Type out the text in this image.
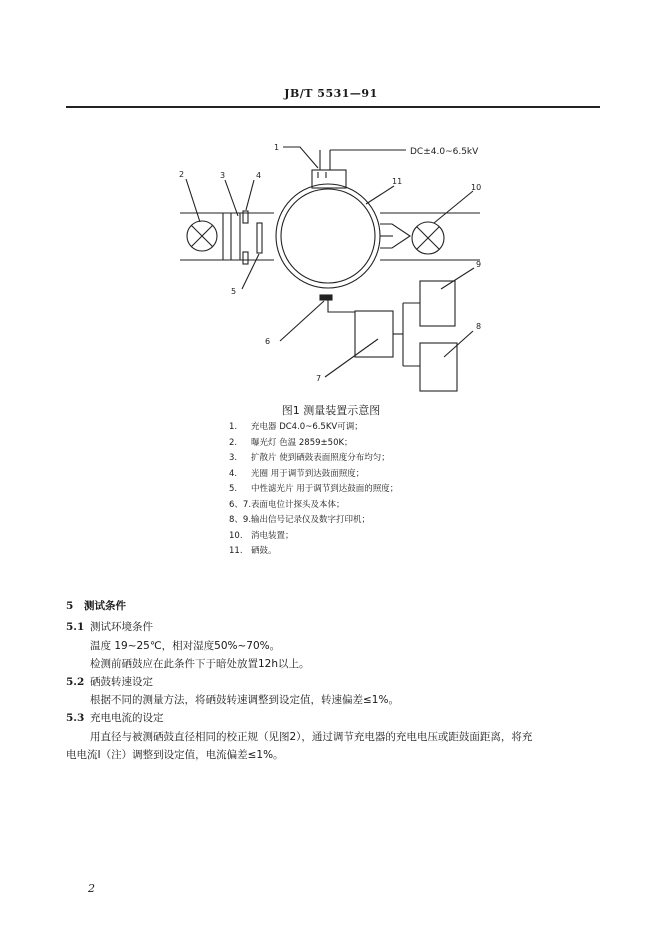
JB/T 5531—91
DC±4.0~6.5kV
1
2	3	4
5
6
7
8
9
10
11
图1 测量装置示意图
1. 充电器 DC4.0~6.5KV可调；
2. 曝光灯 色温 2859±50K；
3. 扩散片 使到硒鼓表面照度分布均匀；
4. 光圈 用于调节到达鼓面照度；
5. 中性滤光片 用于调节到达鼓面的照度；
6、7.表面电位计探头及本体；
8、9.输出信号记录仪及数字打印机；
10. 消电装置；
11. 硒鼓。
5 测试条件
5.1 测试环境条件
温度 19~25℃，相对湿度50%~70%。
检测前硒鼓应在此条件下于暗处放置12h以上。
5.2 硒鼓转速设定
根据不同的测量方法，将硒鼓转速调整到设定值，转速偏差≤1%。
5.3 充电电流的设定
用直径与被测硒鼓直径相同的校正规（见图2），通过调节充电器的充电电压或距鼓面距离，将充
电电流I（注）调整到设定值，电流偏差≤1%。
2
